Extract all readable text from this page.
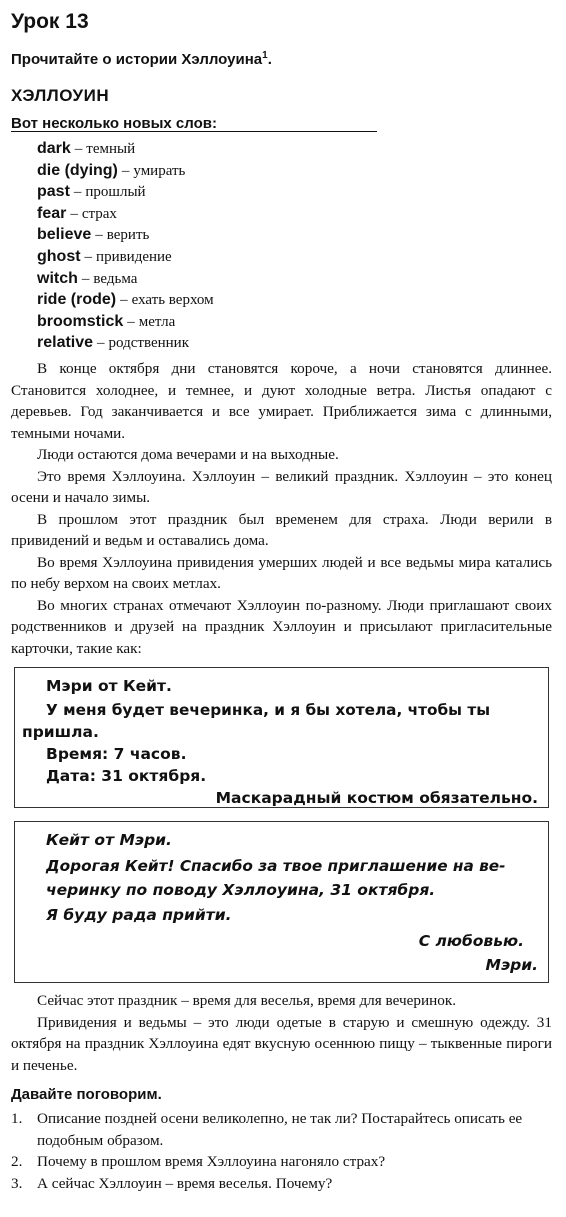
Урок 13
Прочитайте о истории Хэллоуина$^1$.
ХЭЛЛОУИН
Вот несколько новых слов:
dark – темный
die (dying) – умирать
past – прошлый
fear – страх
believe – верить
ghost – привидение
witch – ведьма
ride (rode) – ехать верхом
broomstick – метла
relative – родственник

В конце октября дни становятся короче, а ночи становятся длиннее. Становится холоднее, и темнее, и дуют холодные ветра. Листья опадают с деревьев. Год заканчивается и все умирает. Приближается зима с длинными, темными ночами.

Люди остаются дома вечерами и на выходные.

Это время Хэллоуина. Хэллоуин – великий праздник. Хэллоуин – это конец осени и начало зимы.

В прошлом этот праздник был временем для страха. Люди верили в привидений и ведьм и оставались дома.

Во время Хэллоуина привидения умерших людей и все ведьмы мира катались по небу верхом на своих метлах.

Во многих странах отмечают Хэллоуин по-разному. Люди приглашают своих родственников и друзей на праздник Хэллоуин и присылают пригласительные карточки, такие как:

Мэри от Кейт.
У меня будет вечеринка, и я бы хотела, чтобы ты
пришла.
Время: 7 часов.
Дата: 31 октября.
Маскарадный костюм обязательно.
Кейт от Мэри.
Дорогая Кейт! Спасибо за твое приглашение на ве-
черинку по поводу Хэллоуина, 31 октября.
Я буду рада прийти.
С любовью.
Мэри.

Сейчас этот праздник – время для веселья, время для вечеринок.

Привидения и ведьмы – это люди одетые в старую и смешную одежду. 31 октября на праздник Хэллоуина едят вкусную осеннюю пищу – тыквенные пироги и печенье.

Давайте поговорим.
1. Описание поздней осени великолепно, не так ли? Постарайтесь описать ее подобным образом.
2. Почему в прошлом время Хэллоуина нагоняло страх?
3. А сейчас Хэллоуин – время веселья. Почему?
